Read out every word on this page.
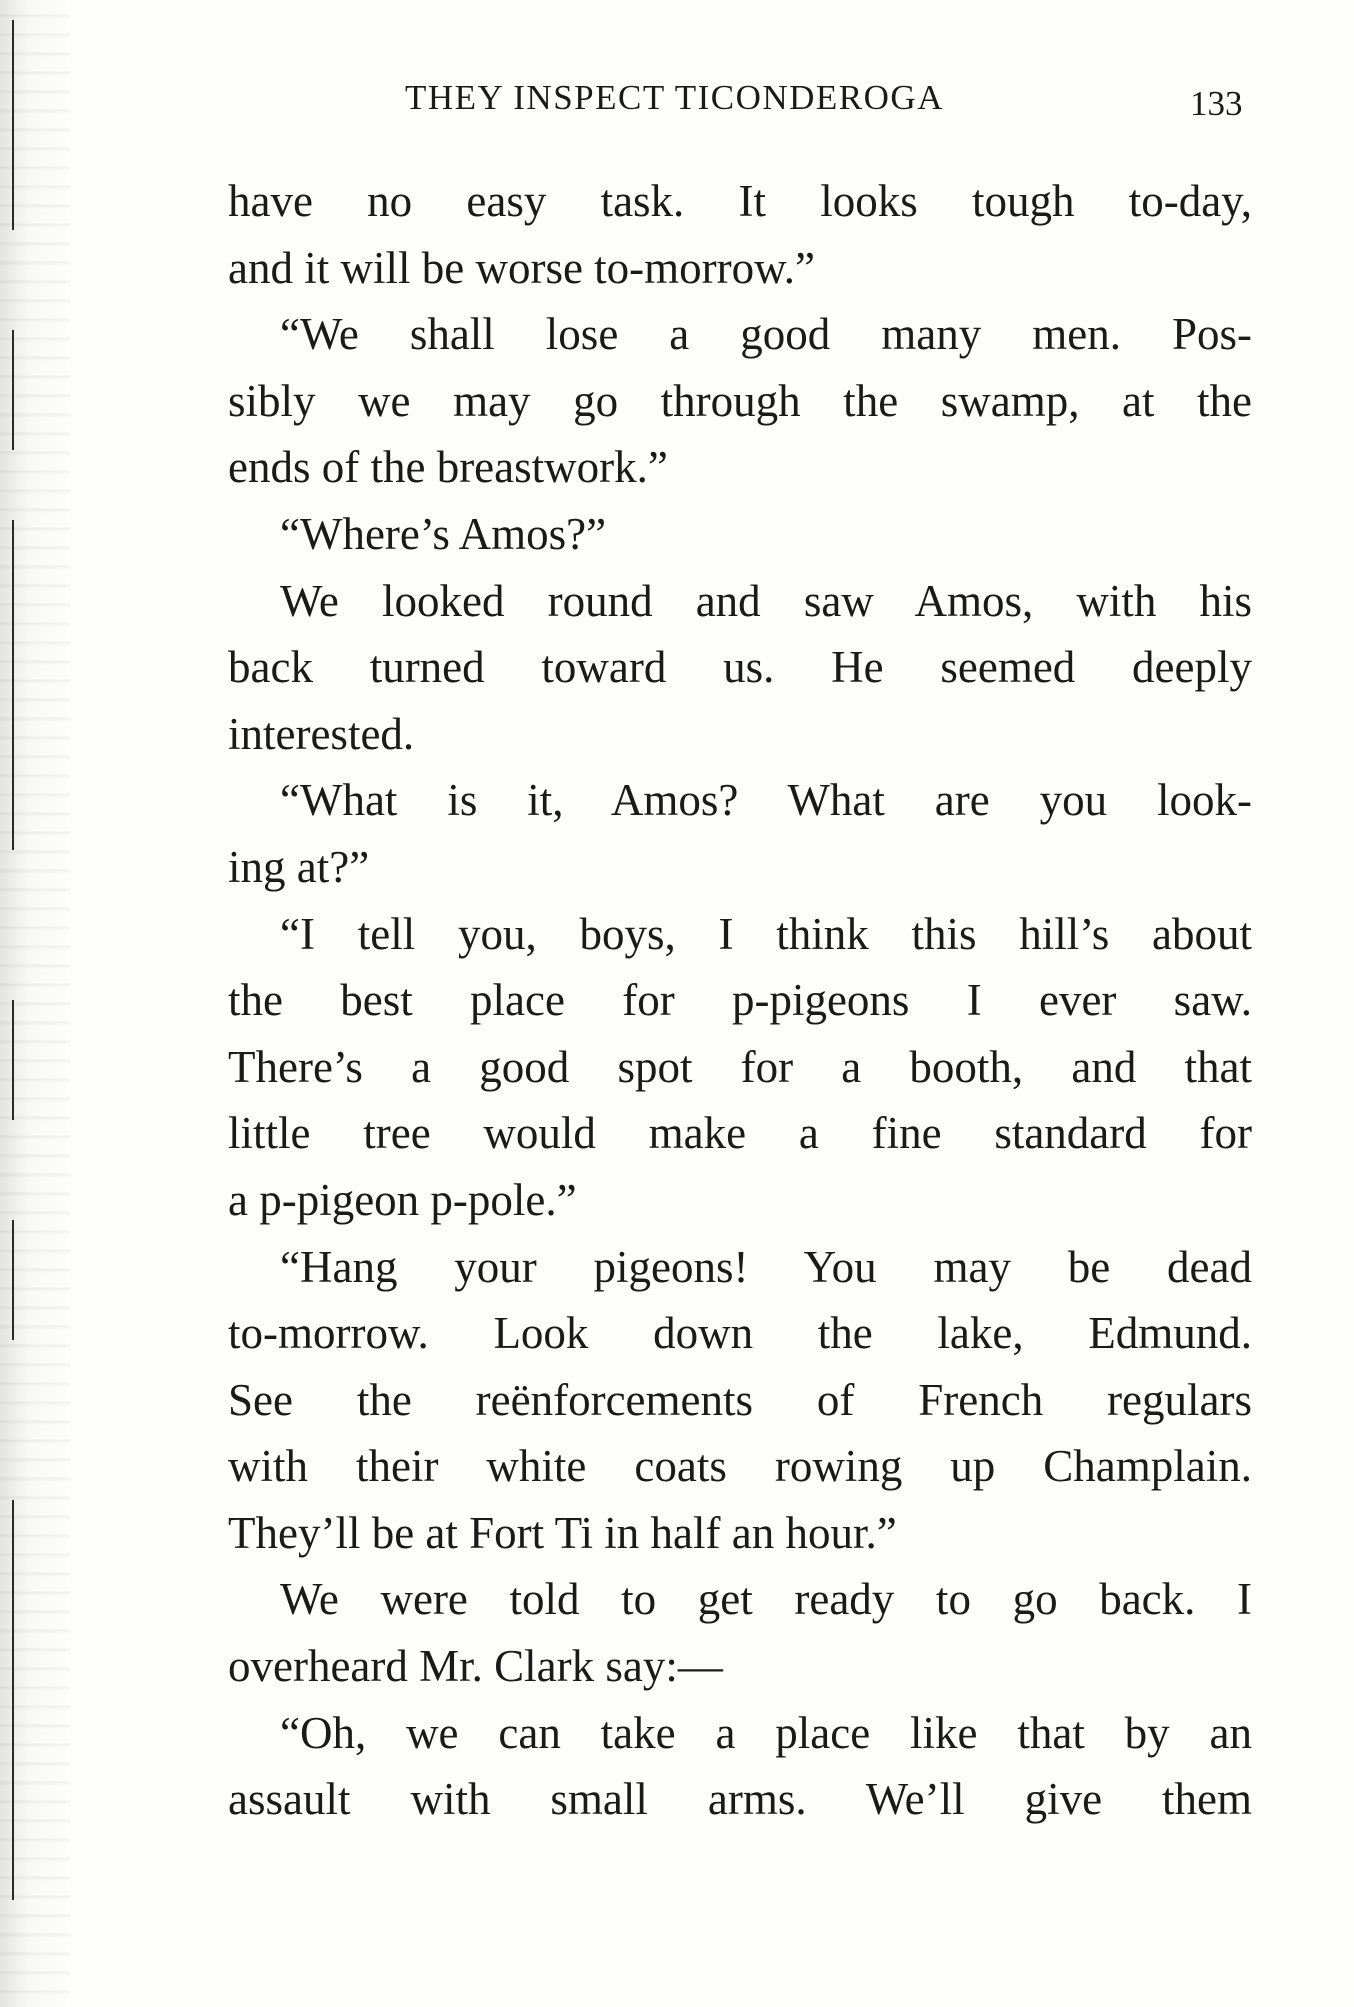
THEY INSPECT TICONDEROGA	133
have no easy task. It looks tough to-day,
and it will be worse to-morrow.”
“We shall lose a good many men. Pos-
sibly we may go through the swamp, at the
ends of the breastwork.”
“Where’s Amos?”
We looked round and saw Amos, with his
back turned toward us. He seemed deeply
interested.
“What is it, Amos? What are you look-
ing at?”
“I tell you, boys, I think this hill’s about
the best place for p-pigeons I ever saw.
There’s a good spot for a booth, and that
little tree would make a fine standard for
a p-pigeon p-pole.”
“Hang your pigeons! You may be dead
to-morrow. Look down the lake, Edmund.
See the reënforcements of French regulars
with their white coats rowing up Champlain.
They’ll be at Fort Ti in half an hour.”
We were told to get ready to go back. I
overheard Mr. Clark say:—
“Oh, we can take a place like that by an
assault with small arms. We’ll give them
